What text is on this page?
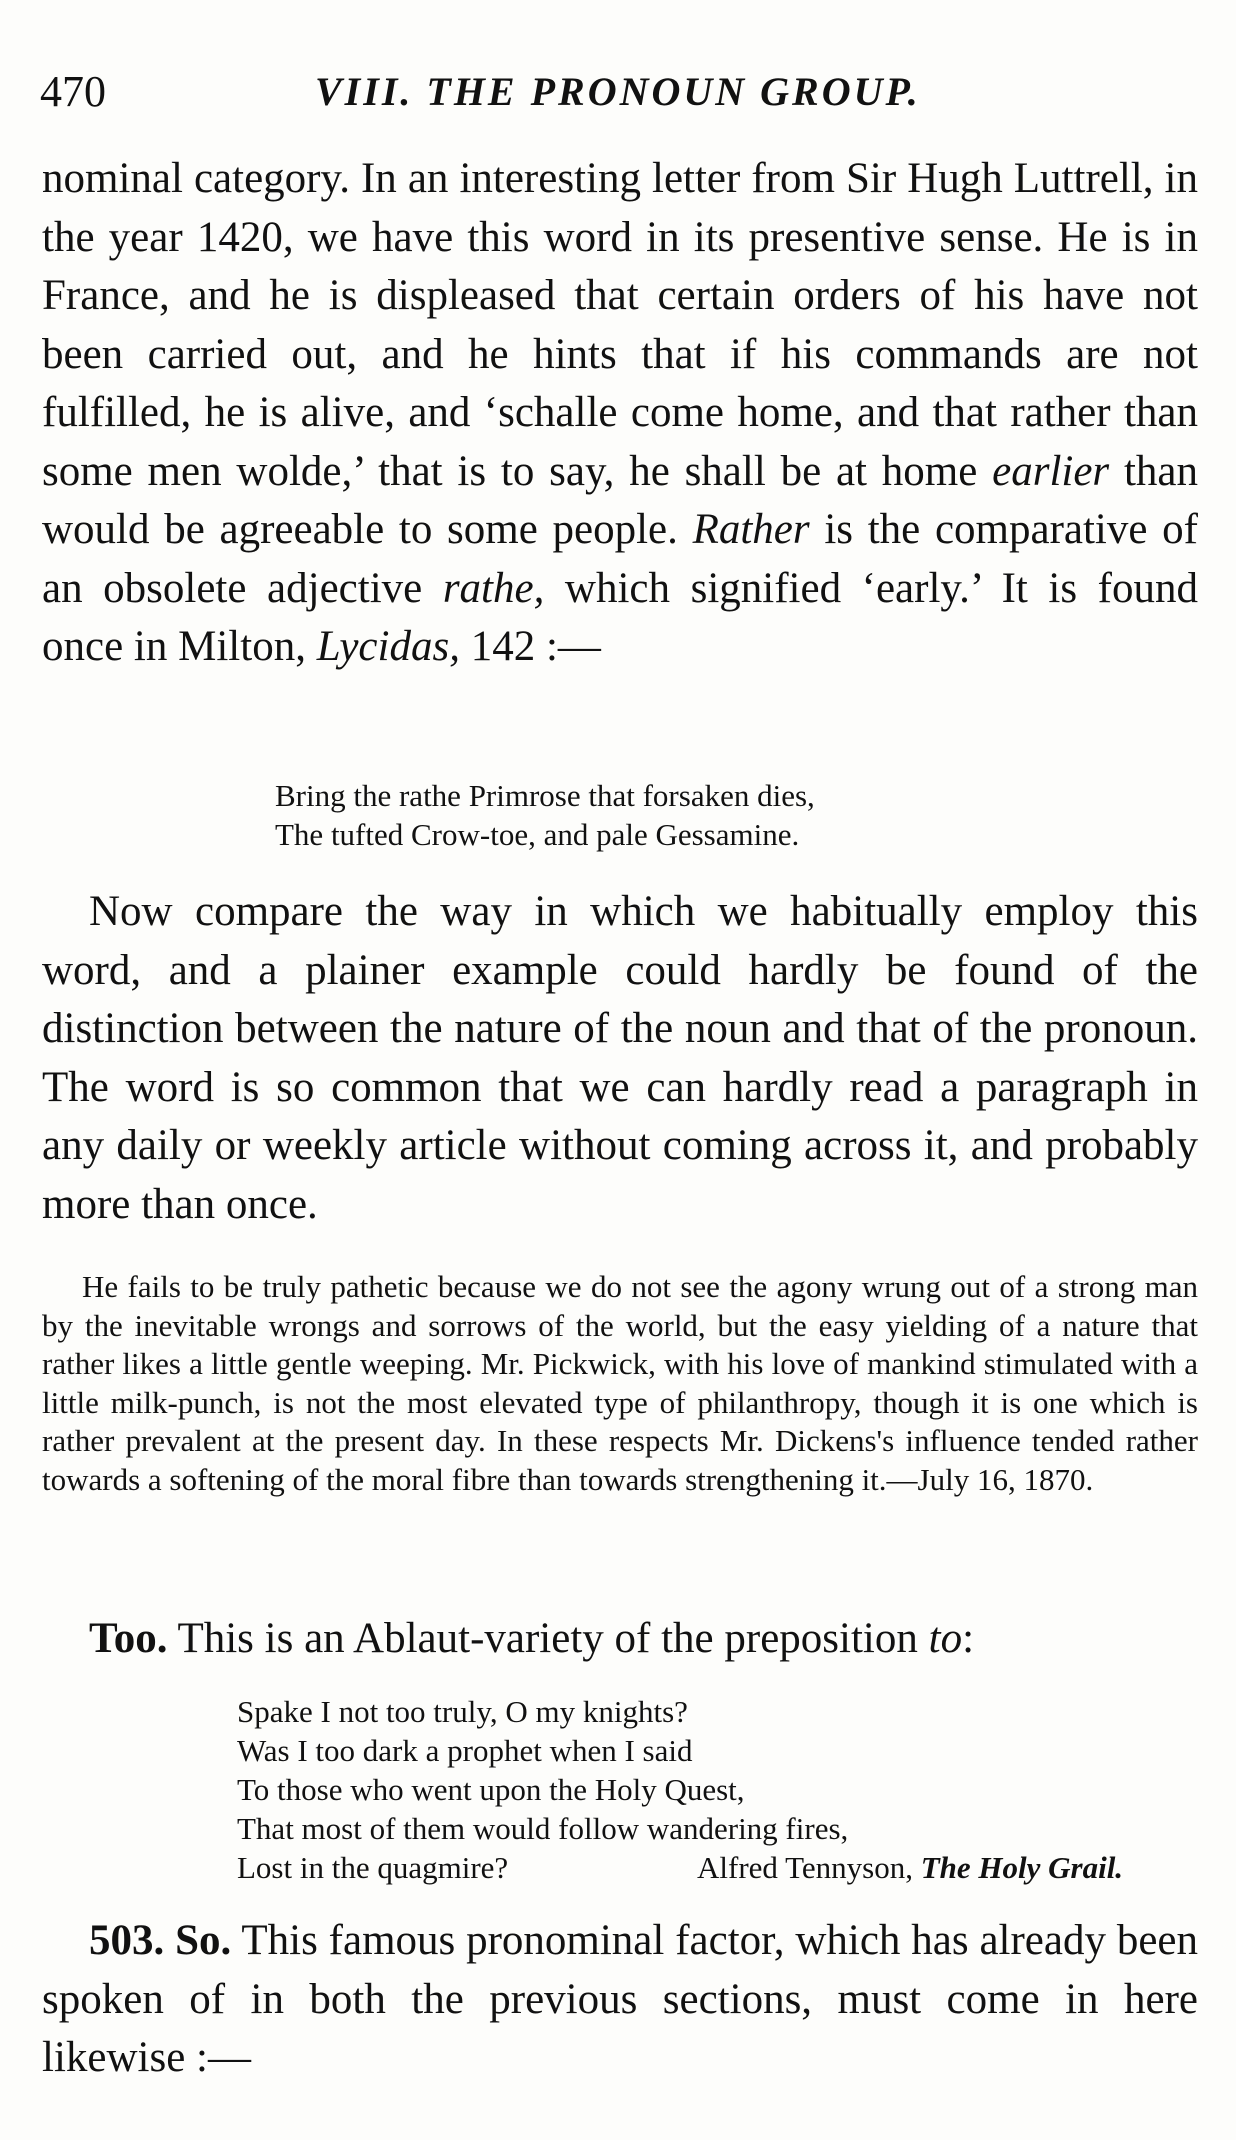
470	VIII. THE PRONOUN GROUP.

nominal category. In an interesting letter from Sir Hugh Luttrell, in the year 1420, we have this word in its presentive sense. He is in France, and he is displeased that certain orders of his have not been carried out, and he hints that if his commands are not fulfilled, he is alive, and ‘schalle come home, and that rather than some men wolde,’ that is to say, he shall be at home earlier than would be agreeable to some people. Rather is the comparative of an obsolete adjective rathe, which signified ‘early.’ It is found once in Milton, Lycidas, 142 :—

Bring the rathe Primrose that forsaken dies,
The tufted Crow-toe, and pale Gessamine.

Now compare the way in which we habitually employ this word, and a plainer example could hardly be found of the distinction between the nature of the noun and that of the pronoun. The word is so common that we can hardly read a paragraph in any daily or weekly article without coming across it, and probably more than once.

He fails to be truly pathetic because we do not see the agony wrung out of a strong man by the inevitable wrongs and sorrows of the world, but the easy yielding of a nature that rather likes a little gentle weeping. Mr. Pickwick, with his love of mankind stimulated with a little milk-punch, is not the most elevated type of philanthropy, though it is one which is rather prevalent at the present day. In these respects Mr. Dickens's influence tended rather towards a softening of the moral fibre than towards strengthening it.—July 16, 1870.

Too. This is an Ablaut-variety of the preposition to:

Spake I not too truly, O my knights?
Was I too dark a prophet when I said
To those who went upon the Holy Quest,
That most of them would follow wandering fires,
Lost in the quagmire?	Alfred Tennyson, The Holy Grail.

503. So. This famous pronominal factor, which has already been spoken of in both the previous sections, must come in here likewise :—
